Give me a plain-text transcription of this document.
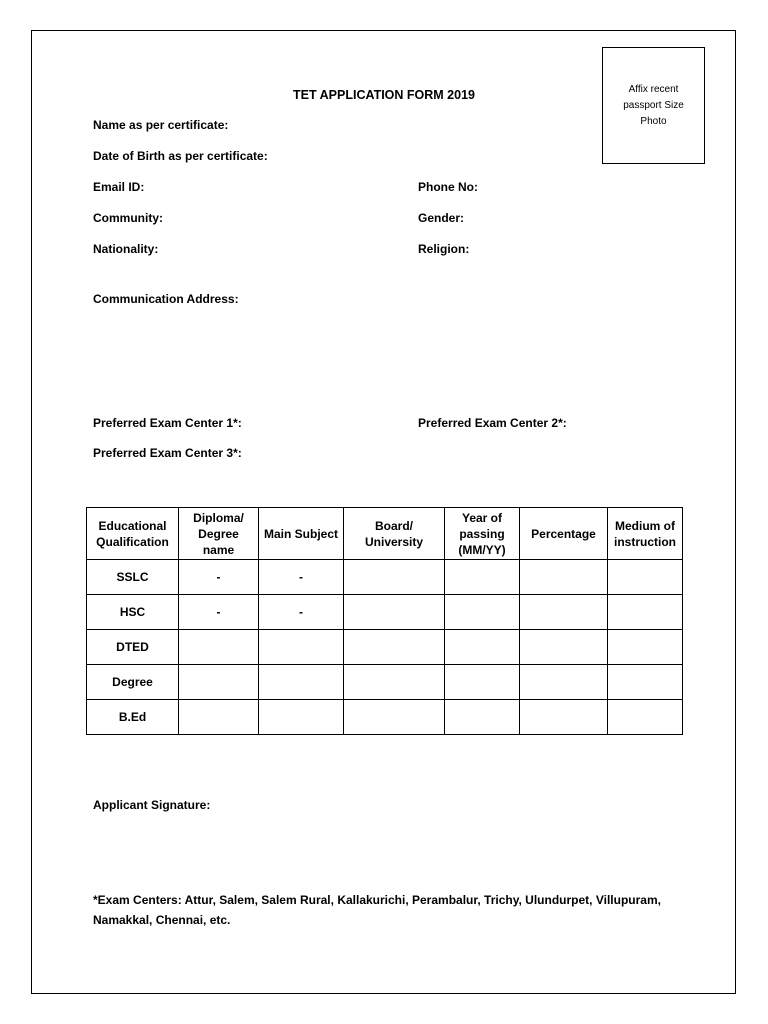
Affix recent
passport Size
Photo
TET APPLICATION FORM 2019
Name as per certificate:
Date of Birth as per certificate:
Email ID:	Phone No:
Community:	Gender:
Nationality:	Religion:
Communication Address:
Preferred Exam Center 1*:	Preferred Exam Center 2*:
Preferred Exam Center 3*:
Educational Qualification	Diploma/ Degree name	Main Subject	Board/ University	Year of passing (MM/YY)	Percentage	Medium of instruction
SSLC	-	-				
HSC	-	-				
DTED						
Degree						
B.Ed						
Applicant Signature:
*Exam Centers: Attur, Salem, Salem Rural, Kallakurichi, Perambalur, Trichy, Ulundurpet, Villupuram, Namakkal, Chennai, etc.
